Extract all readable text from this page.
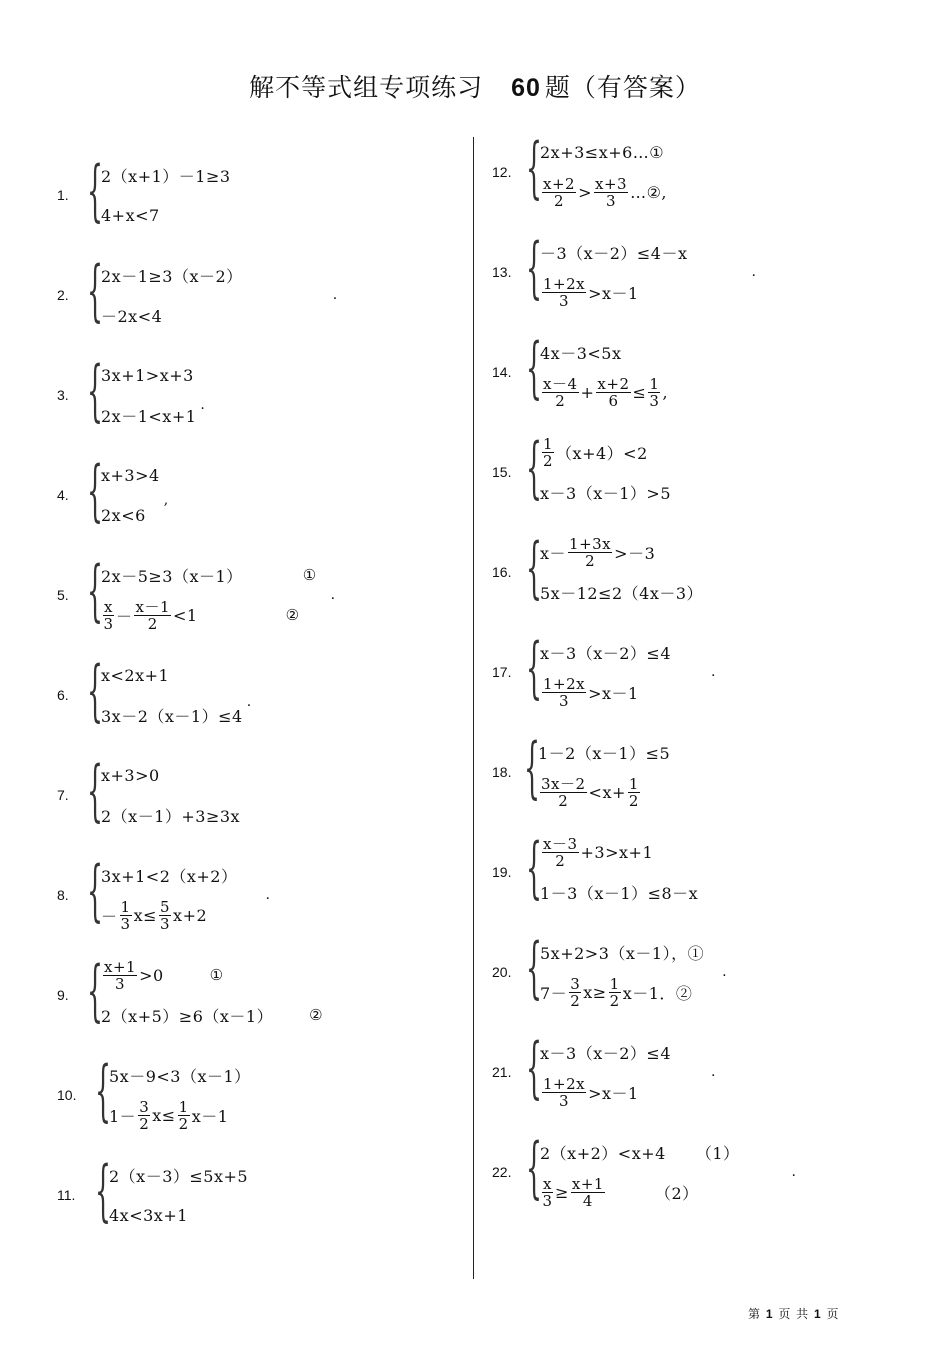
解不等式组专项练习 60 题（有答案）
1. {
2（x+1）－1≥3
4+x<7
2. {
2x－1≥3（x－2）
－2x<4
.
3. {
3x+1>x+3
2x－1<x+1
.
4. {
x+3>4
2x<6
,
5. {
2x－5≥3（x－1）	①
$\frac{x}{3} - \frac{x-1}{2} <1$	②
.
6. {
x<2x+1
3x－2（x－1）≤4
.
7. {
x+3>0
2（x－1）+3≥3x
8. {
3x+1<2（x+2）
－ $\frac{1}{3} x\le \frac{5}{3} x+2$
.
9. { $\frac{x+1}{3} >0$	①
2（x+5）≥6（x－1） ②
10. {
5x－9<3（x－1）
$1- \frac{3}{2} x\le \frac{1}{2} x-1$
11. {
2（x－3）≤5x+5
4x<3x+1
12. {
2x+3≤x+6…①
$\frac{x+2}{2} > \frac{x+3}{3}$ …② ,
13. {
－3（x－2）≤4－x
$\frac{1+2x}{3} >x-1$
.
14. {
4x－3<5x
$\frac{x-4}{2} + \frac{x+2}{6} \le \frac{1}{3}$ ,
15. { $\frac{1}{2} (x+4)<2$
x－3（x－1）>5
16. {
$x- \frac{1+3x}{2} >-3$
5x－12≤2（4x－3）
17. {
x－3（x－2）≤4
$\frac{1+2x}{3} >x-1$
.
18. {
1－2（x－1）≤5
$\frac{3x-2}{2} <x+ \frac{1}{2}$
19. { $\frac{x-3}{2} +3>x+1$
1－3（x－1）≤8－x
20. {
5x+2>3（x－1），①
$7- \frac{3}{2} x\ge \frac{1}{2} x-1$．②
.
21. {
x－3（x－2）≤4
$\frac{1+2x}{3} >x-1$
.
22. {
2（x+2）<x+4 （1）
$\frac{x}{3} \ge \frac{x+1}{4}$	（2）
.
第 1 页 共 1 页
